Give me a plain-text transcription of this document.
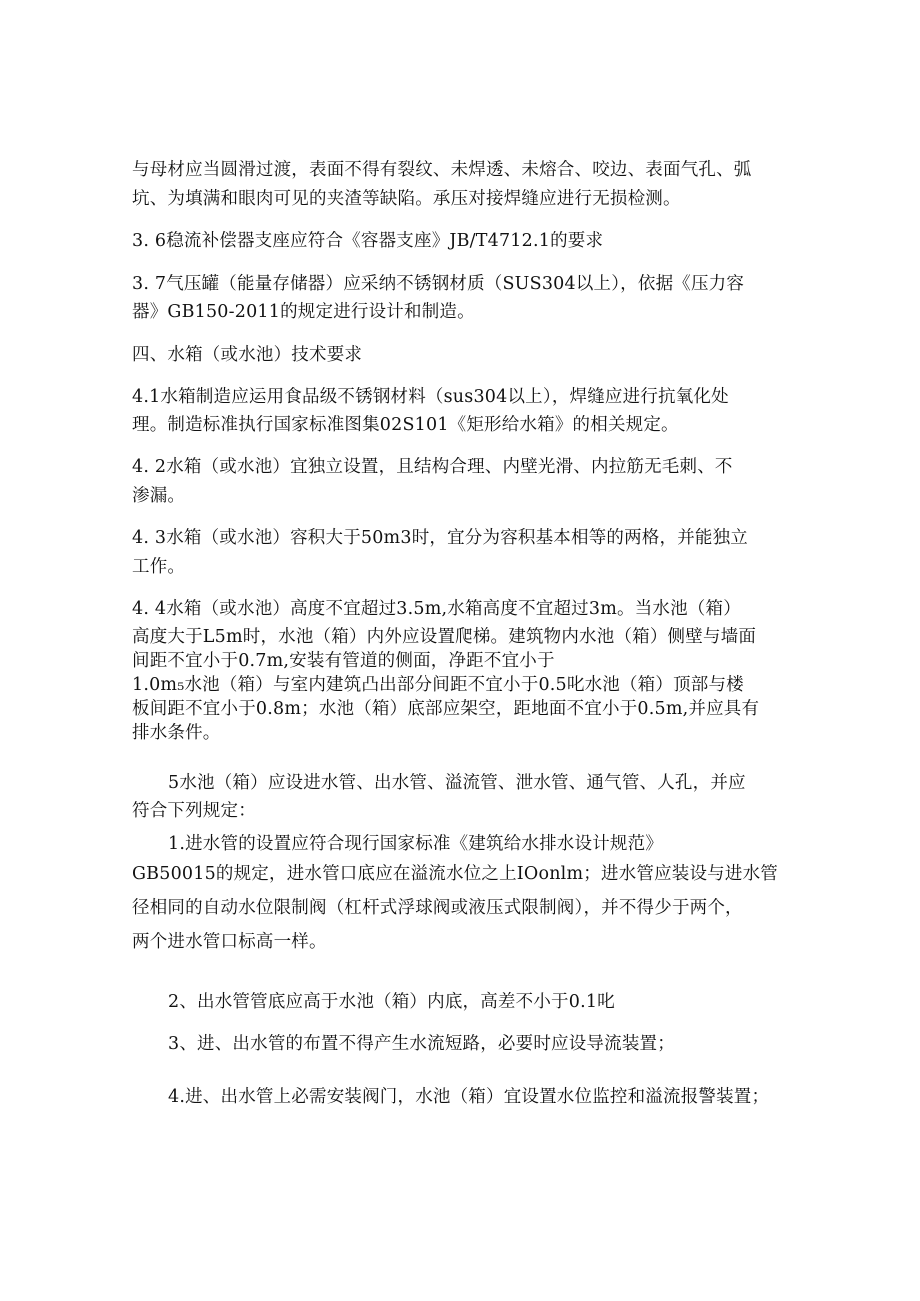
与母材应当圆滑过渡，表面不得有裂纹、未焊透、未熔合、咬边、表面气孔、弧
坑、为填满和眼肉可见的夹渣等缺陷。承压对接焊缝应进行无损检测。
3. 6稳流补偿器支座应符合《容器支座》JB/T4712.1的要求
3. 7气压罐（能量存储器）应采纳不锈钢材质（SUS304以上），依据《压力容
器》GB150-2011的规定进行设计和制造。
四、水箱（或水池）技术要求
4.1水箱制造应运用食品级不锈钢材料（sus304以上），焊缝应进行抗氧化处
理。制造标准执行国家标准图集02S101《矩形给水箱》的相关规定。
4. 2水箱（或水池）宜独立设置，且结构合理、内壁光滑、内拉筋无毛刺、不
渗漏。
4. 3水箱（或水池）容积大于50m3时，宜分为容积基本相等的两格，并能独立
工作。
4. 4水箱（或水池）高度不宜超过3.5m,水箱高度不宜超过3m。当水池（箱）
高度大于L5m时，水池（箱）内外应设置爬梯。建筑物内水池（箱）侧壁与墙面
间距不宜小于0.7m,安装有管道的侧面，净距不宜小于
1.0m₅水池（箱）与室内建筑凸出部分间距不宜小于0.5叱水池（箱）顶部与楼
板间距不宜小于0.8m；水池（箱）底部应架空，距地面不宜小于0.5m,并应具有
排水条件。
5水池（箱）应设进水管、出水管、溢流管、泄水管、通气管、人孔，并应
符合下列规定：
1.进水管的设置应符合现行国家标准《建筑给水排水设计规范》
GB50015的规定，进水管口底应在溢流水位之上IOonlm；进水管应装设与进水管
径相同的自动水位限制阀（杠杆式浮球阀或液压式限制阀），并不得少于两个，
两个进水管口标高一样。
2、出水管管底应高于水池（箱）内底，高差不小于0.1叱
3、进、出水管的布置不得产生水流短路，必要时应设导流装置；
4.进、出水管上必需安装阀门，水池（箱）宜设置水位监控和溢流报警装置；
